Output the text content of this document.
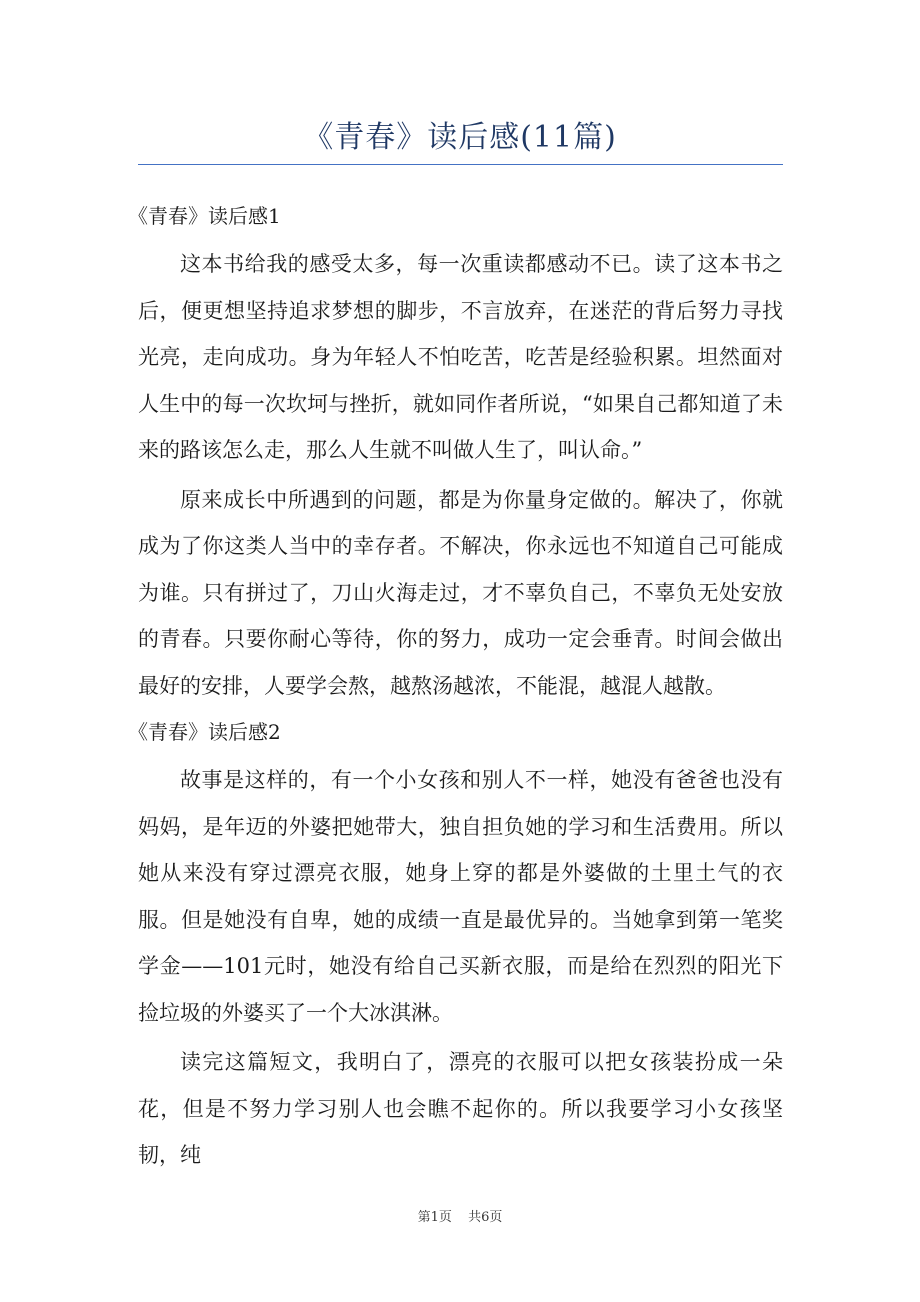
《青春》读后感(11篇)
《青春》读后感1

这本书给我的感受太多，每一次重读都感动不已。读了这本书之后，便更想坚持追求梦想的脚步，不言放弃，在迷茫的背后努力寻找光亮，走向成功。身为年轻人不怕吃苦，吃苦是经验积累。坦然面对人生中的每一次坎坷与挫折，就如同作者所说，“如果自己都知道了未来的路该怎么走，那么人生就不叫做人生了，叫认命。”

原来成长中所遇到的问题，都是为你量身定做的。解决了，你就成为了你这类人当中的幸存者。不解决，你永远也不知道自己可能成为谁。只有拼过了，刀山火海走过，才不辜负自己，不辜负无处安放的青春。只要你耐心等待，你的努力，成功一定会垂青。时间会做出最好的安排，人要学会熬，越熬汤越浓，不能混，越混人越散。

《青春》读后感2

故事是这样的，有一个小女孩和别人不一样，她没有爸爸也没有妈妈，是年迈的外婆把她带大，独自担负她的学习和生活费用。所以她从来没有穿过漂亮衣服，她身上穿的都是外婆做的土里土气的衣服。但是她没有自卑，她的成绩一直是最优异的。当她拿到第一笔奖学金——101元时，她没有给自己买新衣服，而是给在烈烈的阳光下捡垃圾的外婆买了一个大冰淇淋。

读完这篇短文，我明白了，漂亮的衣服可以把女孩装扮成一朵花，但是不努力学习别人也会瞧不起你的。所以我要学习小女孩坚韧，纯

第1页 共6页
